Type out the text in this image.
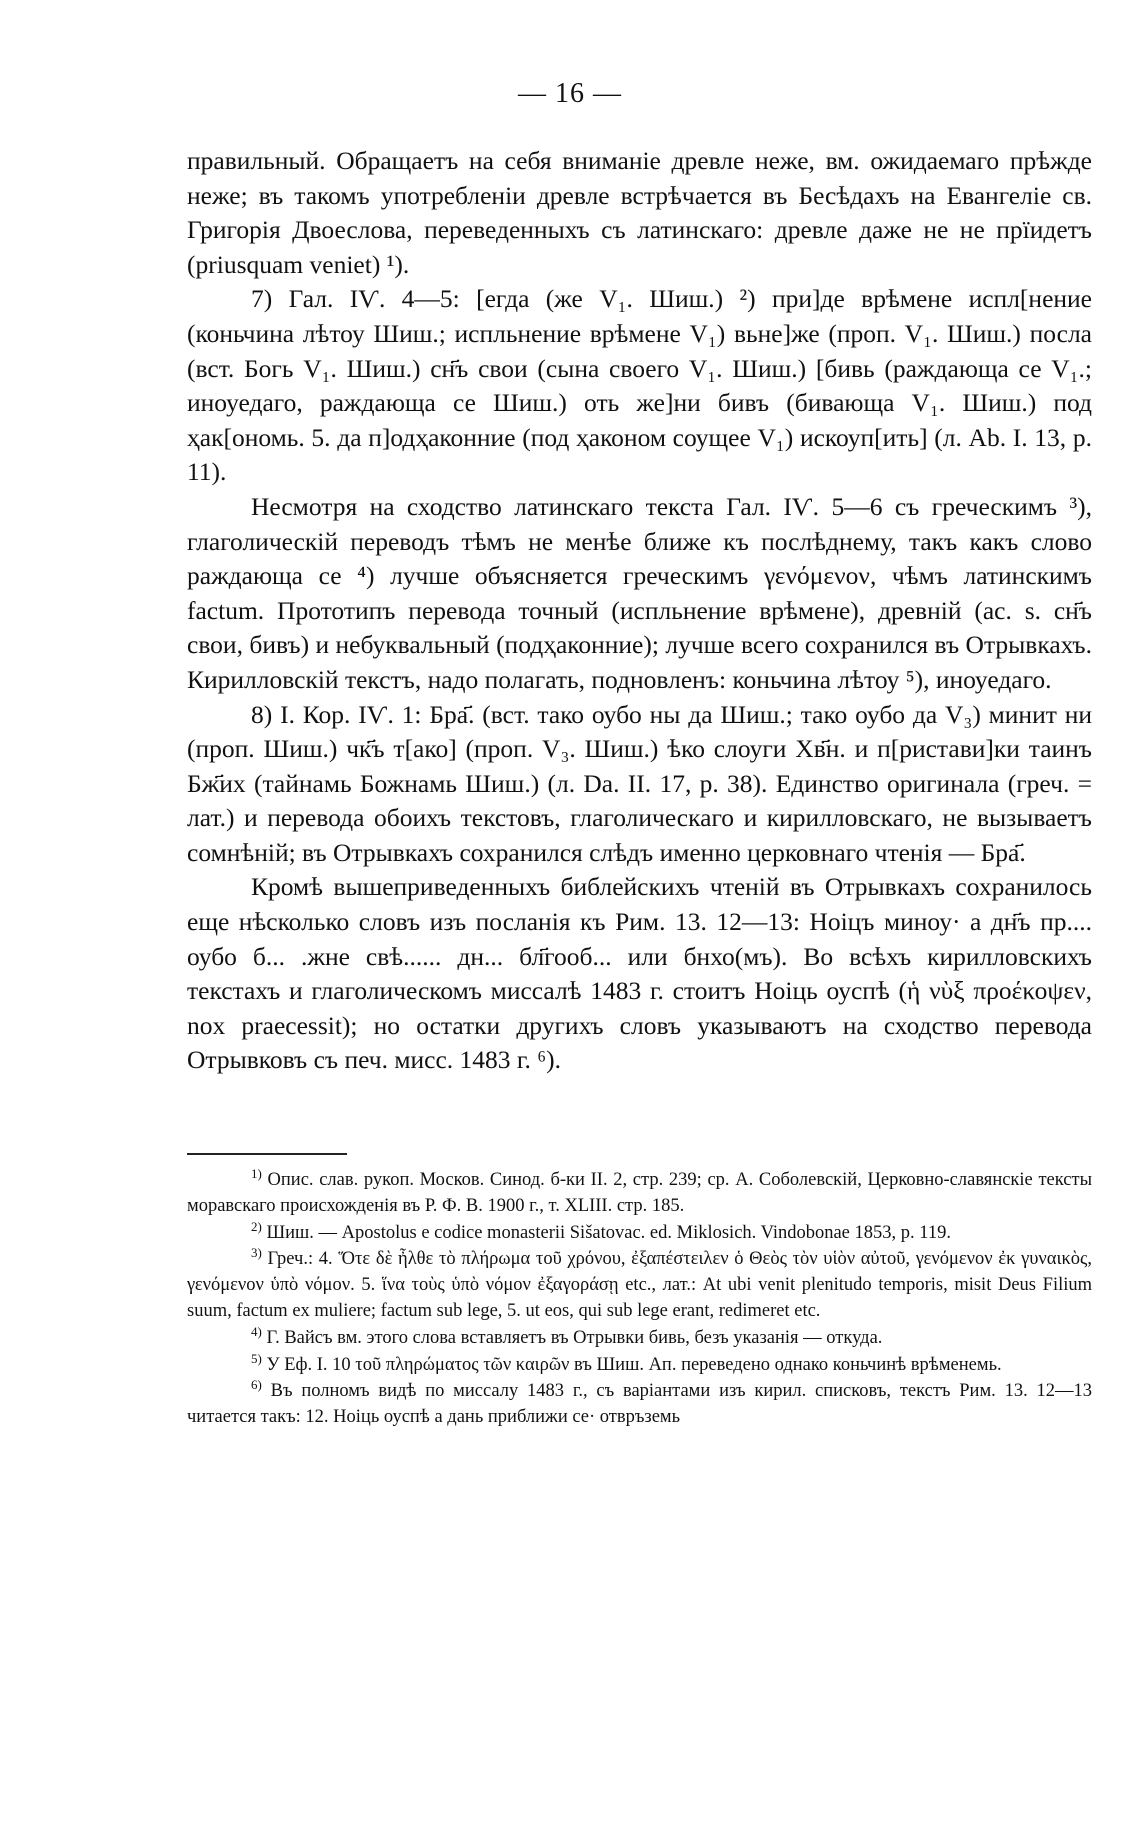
— 16 —

правильный. Обращаетъ на себя вниманіе древле неже, вм. ожидаемаго прѣжде неже; въ такомъ употребленіи древле встрѣчается въ Бесѣдахъ на Евангеліе св. Григорія Двоеслова, переведенныхъ съ латинскаго: древле даже не не прїидетъ (priusquam veniet) ¹).

7) Гал. IѴ. 4—5: [егда (же V₁. Шиш.) ²) при]де врѣмене испл[нение (коньчина лѣтоу Шиш.; испльнение врѣмене V₁) вьне]же (проп. V₁. Шиш.) посла (вст. Богь V₁. Шиш.) сн҃ъ свои (сына своего V₁. Шиш.) [бивь (раждающа се V₁.; иноуедаго, раждающа се Шиш.) оть же]ни бивъ (бивающа V₁. Шиш.) под ҳак[ономь. 5. да п]одҳаконние (под ҳаконом соущее V₁) искоуп[ить] (л. Аb. I. 13, р. 11).

Несмотря на сходство латинскаго текста Гал. IѴ. 5—6 съ греческимъ ³), глаголическій переводъ тѣмъ не менѣе ближе къ послѣднему, такъ какъ слово раждающа се ⁴) лучше объясняется греческимъ γενόμενον, чѣмъ латинскимъ factum. Прототипъ перевода точный (испльнение врѣмене), древній (ас. s. сн҃ъ свои, бивъ) и небуквальный (подҳаконние); лучше всего сохранился въ Отрывкахъ. Кирилловскій текстъ, надо полагать, подновленъ: коньчина лѣтоу ⁵), иноуедаго.

8) I. Кор. IѴ. 1: Бра҃. (вст. тако оубо ны да Шиш.; тако оубо да V₃) минит ни (проп. Шиш.) чк҃ъ т[ако] (проп. V₃. Шиш.) ѣко слоуги Хв҃н. и п[ристави]ки таинъ Бж҃их (тайнамь Божнамь Шиш.) (л. Da. II. 17, р. 38). Единство оригинала (греч. = лат.) и перевода обоихъ текстовъ, глаголическаго и кирилловскаго, не вызываетъ сомнѣній; въ Отрывкахъ сохранился слѣдъ именно церковнаго чтенія — Бра҃.

Кромѣ вышеприведенныхъ библейскихъ чтеній въ Отрывкахъ сохранилось еще нѣсколько словъ изъ посланія къ Рим. 13. 12—13: Ноіцъ миноу· а дн҃ъ пр.... оубо б... .жне свѣ...... дн... бл҃гооб... или бнхо(мъ). Во всѣхъ кирилловскихъ текстахъ и глаголическомъ миссалѣ 1483 г. стоитъ Ноіць оуспѣ (ἡ νὺξ προέκοψεν, nox praecessit); но остатки другихъ словъ указываютъ на сходство перевода Отрывковъ съ печ. мисс. 1483 г. ⁶).

$^{1)}$ Опис. слав. рукоп. Москов. Синод. б-ки II. 2, стр. 239; ср. А. Соболевскій, Церковно-славянскіе тексты моравскаго происхожденія въ Р. Ф. В. 1900 г., т. XLIII. стр. 185.

$^{2)}$ Шиш. — Apostolus e codice monasterii Sišatovac. ed. Miklosich. Vindobonae 1853, p. 119.

$^{3)}$ Греч.: 4. Ὅτε δὲ ἦλθε τὸ πλήρωμα τοῦ χρόνου, ἐξαπέστειλεν ὁ Θεὸς τὸν υἱὸν αὐτοῦ, γενόμενον ἐκ γυναικὸς, γενόμενον ὑπὸ νόμον. 5. ἵνα τοὺς ὑπὸ νόμον ἐξαγοράσῃ etc., лат.: At ubi venit plenitudo temporis, misit Deus Filium suum, factum ex muliere; factum sub lege, 5. ut eos, qui sub lege erant, redimeret etc.

$^{4)}$ Г. Вайсъ вм. этого слова вставляетъ въ Отрывки бивь, безъ указанія — откуда.

$^{5)}$ У Еф. I. 10 τοῦ πληρώματος τῶν καιρῶν въ Шиш. Ап. переведено однако коньчинѣ врѣменемь.

$^{6)}$ Въ полномъ видѣ по миссалу 1483 г., съ варіантами изъ кирил. списковъ, текстъ Рим. 13. 12—13 читается такъ: 12. Ноіць оуспѣ а дань приближи се· отвръземь
